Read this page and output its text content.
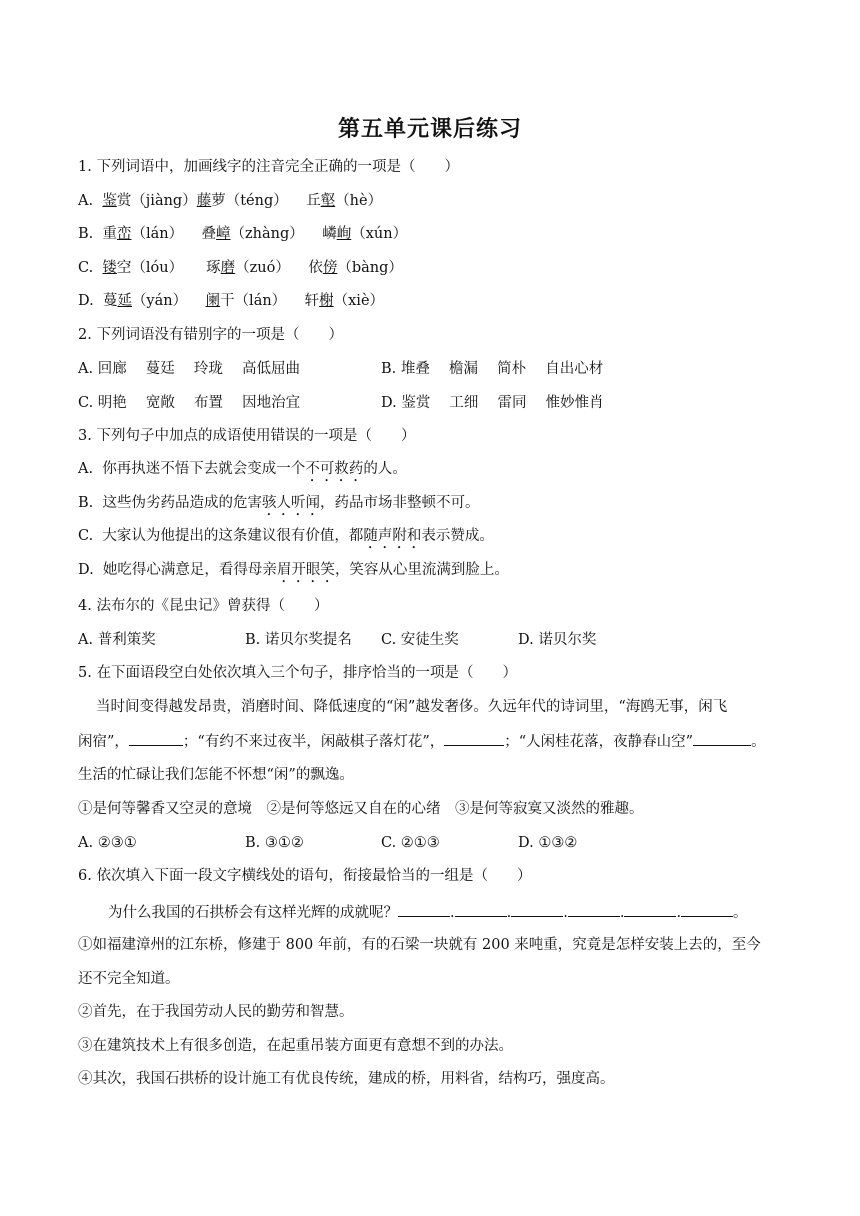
第五单元课后练习
1. 下列词语中，加画线字的注音完全正确的一项是（　　）
A. 鉴赏（jiàng）藤萝（téng） 丘壑（hè）
B. 重峦（lán） 叠嶂（zhàng） 嶙峋（xún）
C. 镂空（lóu） 琢磨（zuó） 依傍（bàng）
D. 蔓延（yán） 阑干（lán） 轩榭（xiè）
2. 下列词语没有错别字的一项是（　　）
A. 回廊　 蔓廷　 玲珑　 高低屈曲	B. 堆叠　 檐漏　 简朴　 自出心材
C. 明艳　 宽敞　 布置　 因地治宜	D. 鉴赏　 工细　 雷同　 惟妙惟肖
3. 下列句子中加点的成语使用错误的一项是（　　）
A.  你再执迷不悟下去就会变成一个不可救药的人。
B.  这些伪劣药品造成的危害骇人听闻，药品市场非整顿不可。
C.  大家认为他提出的这条建议很有价值，都随声附和表示赞成。
D.  她吃得心满意足，看得母亲眉开眼笑，笑容从心里流满到脸上。
4. 法布尔的《昆虫记》曾获得（　　）
A. 普利策奖	B. 诺贝尔奖提名 C. 安徒生奖	D. 诺贝尔奖
5. 在下面语段空白处依次填入三个句子，排序恰当的一项是（　　）
当时间变得越发昂贵，消磨时间、降低速度的“闲”越发奢侈。久远年代的诗词里，“海鸥无事，闲飞
闲宿”，	；“有约不来过夜半，闲敲棋子落灯花”，	；“人闲桂花落，夜静春山空”	。
生活的忙碌让我们怎能不怀想“闲”的飘逸。
①是何等馨香又空灵的意境　②是何等悠远又自在的心绪　③是何等寂寞又淡然的雅趣。
A. ②③①	B. ③①②	C. ②①③	D. ①③②
6. 依次填入下面一段文字横线处的语句，衔接最恰当的一组是（　　）
为什么我国的石拱桥会有这样光辉的成就呢？	.	.	.	.	.	。
①如福建漳州的江东桥，修建于 800 年前，有的石梁一块就有 200 来吨重，究竟是怎样安装上去的，至今
还不完全知道。
②首先，在于我国劳动人民的勤劳和智慧。
③在建筑技术上有很多创造，在起重吊装方面更有意想不到的办法。
④其次，我国石拱桥的设计施工有优良传统，建成的桥，用料省，结构巧，强度高。
